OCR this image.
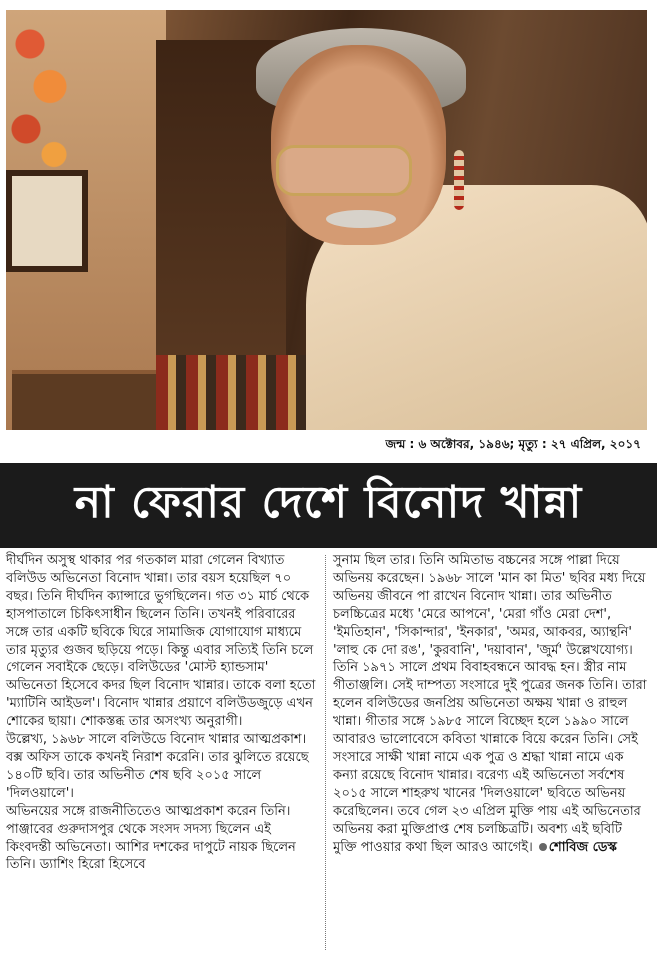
জন্ম : ৬ অক্টোবর, ১৯৪৬; মৃত্যু : ২৭ এপ্রিল, ২০১৭
না ফেরার দেশে বিনোদ খান্না

দীর্ঘদিন অসুস্থ থাকার পর গতকাল মারা গেলেন বিখ্যাত বলিউড অভিনেতা বিনোদ খান্না। তার বয়স হয়েছিল ৭০ বছর। তিনি দীর্ঘদিন ক্যান্সারে ভুগছিলেন। গত ৩১ মার্চ থেকে হাসপাতালে চিকিৎসাধীন ছিলেন তিনি। তখনই পরিবারের সঙ্গে তার একটি ছবিকে ঘিরে সামাজিক যোগাযোগ মাধ্যমে তার মৃত্যুর গুজব ছড়িয়ে পড়ে। কিন্তু এবার সত্যিই তিনি চলে গেলেন সবাইকে ছেড়ে। বলিউডের 'মোস্ট হ্যান্ডসাম' অভিনেতা হিসেবে কদর ছিল বিনোদ খান্নার। তাকে বলা হতো 'ম্যাটিনি আইডল'। বিনোদ খান্নার প্রয়াণে বলিউডজুড়ে এখন শোকের ছায়া। শোকস্তব্ধ তার অসংখ্য অনুরাগী।

উল্লেখ্য, ১৯৬৮ সালে বলিউডে বিনোদ খান্নার আত্মপ্রকাশ। বক্স অফিস তাকে কখনই নিরাশ করেনি। তার ঝুলিতে রয়েছে ১৪০টি ছবি। তার অভিনীত শেষ ছবি ২০১৫ সালে 'দিলওয়ালে'।

অভিনয়ের সঙ্গে রাজনীতিতেও আত্মপ্রকাশ করেন তিনি। পাঞ্জাবের গুরুদাসপুর থেকে সংসদ সদস্য ছিলেন এই কিংবদন্তী অভিনেতা। আশির দশকের দাপুটে নায়ক ছিলেন তিনি। ড্যাশিং হিরো হিসেবে

সুনাম ছিল তার। তিনি অমিতাভ বচ্চনের সঙ্গে পাল্লা দিয়ে অভিনয় করেছেন। ১৯৬৮ সালে 'মান কা মিত' ছবির মধ্য দিয়ে অভিনয় জীবনে পা রাখেন বিনোদ খান্না। তার অভিনীত চলচ্চিত্রের মধ্যে 'মেরে আপনে', 'মেরা গাঁও মেরা দেশ', 'ইমতিহান', 'সিকান্দার', 'ইনকার', 'অমর, আকবর, অ্যান্থনি' 'লাহু কে দো রঙ', 'কুরবানি', 'দয়াবান', 'জুর্ম' উল্লেখযোগ্য। তিনি ১৯৭১ সালে প্রথম বিবাহবন্ধনে আবদ্ধ হন। স্ত্রীর নাম গীতাঞ্জলি। সেই দাম্পত্য সংসারে দুই পুত্রের জনক তিনি। তারা হলেন বলিউডের জনপ্রিয় অভিনেতা অক্ষয় খান্না ও রাহুল খান্না। গীতার সঙ্গে ১৯৮৫ সালে বিচ্ছেদ হলে ১৯৯০ সালে আবারও ভালোবেসে কবিতা খান্নাকে বিয়ে করেন তিনি। সেই সংসারে সাক্ষী খান্না নামে এক পুত্র ও শ্রদ্ধা খান্না নামে এক কন্যা রয়েছে বিনোদ খান্নার। বরেণ্য এই অভিনেতা সর্বশেষ ২০১৫ সালে শাহরুখ খানের 'দিলওয়ালে' ছবিতে অভিনয় করেছিলেন। তবে গেল ২৩ এপ্রিল মুক্তি পায় এই অভিনেতার অভিনয় করা মুক্তিপ্রাপ্ত শেষ চলচ্চিত্রটি। অবশ্য এই ছবিটি মুক্তি পাওয়ার কথা ছিল আরও আগেই। শোবিজ ডেস্ক
